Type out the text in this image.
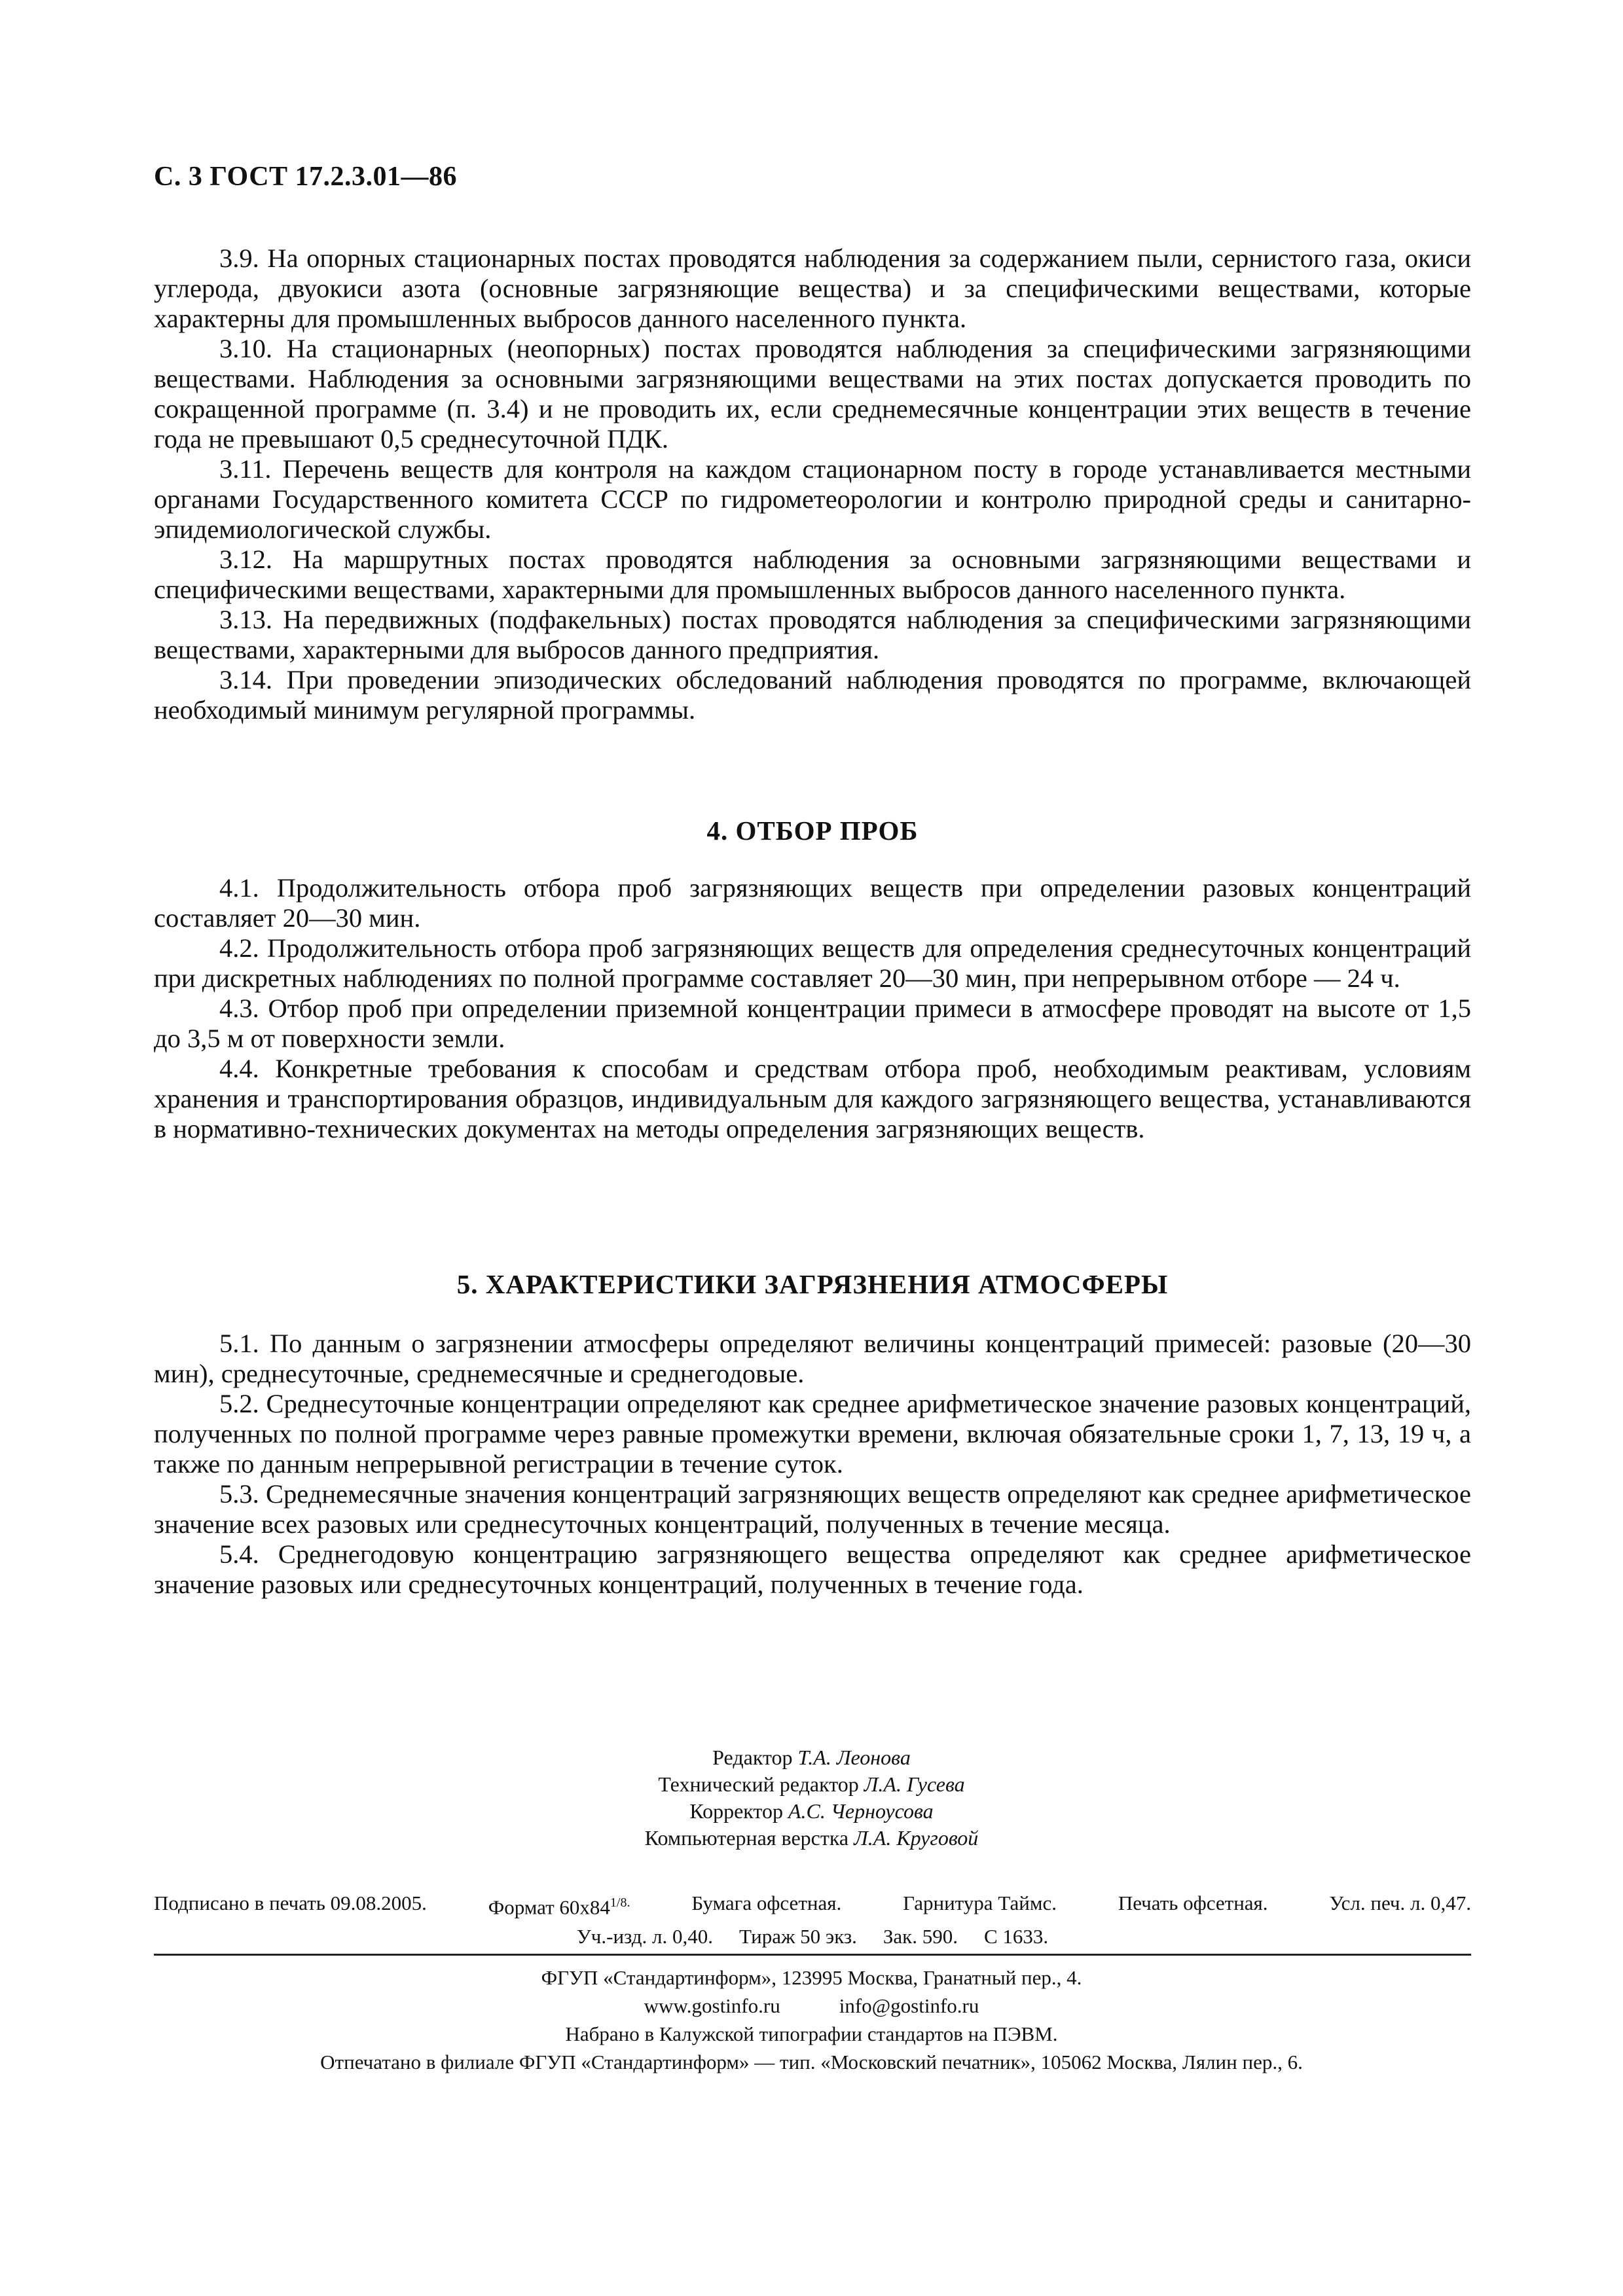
С. 3 ГОСТ 17.2.3.01—86

3.9. На опорных стационарных постах проводятся наблюдения за содержанием пыли, сернистого газа, окиси углерода, двуокиси азота (основные загрязняющие вещества) и за специфическими веществами, которые характерны для промышленных выбросов данного населенного пункта.

3.10. На стационарных (неопорных) постах проводятся наблюдения за специфическими загрязняющими веществами. Наблюдения за основными загрязняющими веществами на этих постах допускается проводить по сокращенной программе (п. 3.4) и не проводить их, если среднемесячные концентрации этих веществ в течение года не превышают 0,5 среднесуточной ПДК.

3.11. Перечень веществ для контроля на каждом стационарном посту в городе устанавливается местными органами Государственного комитета СССР по гидрометеорологии и контролю природной среды и санитарно-эпидемиологической службы.

3.12. На маршрутных постах проводятся наблюдения за основными загрязняющими веществами и специфическими веществами, характерными для промышленных выбросов данного населенного пункта.

3.13. На передвижных (подфакельных) постах проводятся наблюдения за специфическими загрязняющими веществами, характерными для выбросов данного предприятия.

3.14. При проведении эпизодических обследований наблюдения проводятся по программе, включающей необходимый минимум регулярной программы.

4. ОТБОР ПРОБ

4.1. Продолжительность отбора проб загрязняющих веществ при определении разовых концентраций составляет 20—30 мин.

4.2. Продолжительность отбора проб загрязняющих веществ для определения среднесуточных концентраций при дискретных наблюдениях по полной программе составляет 20—30 мин, при непрерывном отборе — 24 ч.

4.3. Отбор проб при определении приземной концентрации примеси в атмосфере проводят на высоте от 1,5 до 3,5 м от поверхности земли.

4.4. Конкретные требования к способам и средствам отбора проб, необходимым реактивам, условиям хранения и транспортирования образцов, индивидуальным для каждого загрязняющего вещества, устанавливаются в нормативно-технических документах на методы определения загрязняющих веществ.

5. ХАРАКТЕРИСТИКИ ЗАГРЯЗНЕНИЯ АТМОСФЕРЫ

5.1. По данным о загрязнении атмосферы определяют величины концентраций примесей: разовые (20—30 мин), среднесуточные, среднемесячные и среднегодовые.

5.2. Среднесуточные концентрации определяют как среднее арифметическое значение разовых концентраций, полученных по полной программе через равные промежутки времени, включая обязательные сроки 1, 7, 13, 19 ч, а также по данным непрерывной регистрации в течение суток.

5.3. Среднемесячные значения концентраций загрязняющих веществ определяют как среднее арифметическое значение всех разовых или среднесуточных концентраций, полученных в течение месяца.

5.4. Среднегодовую концентрацию загрязняющего вещества определяют как среднее арифметическое значение разовых или среднесуточных концентраций, полученных в течение года.

Редактор Т.А. Леонова
Технический редактор Л.А. Гусева
Корректор А.С. Черноусова
Компьютерная верстка Л.А. Круговой
Подписано в печать 09.08.2005.	Формат $60x84^{1/8.}$	Бумага офсетная.	Гарнитура Таймс.	Печать офсетная.	Усл. печ. л. 0,47.
Уч.-изд. л. 0,40. Тираж 50 экз. Зак. 590. С 1633.
ФГУП «Стандартинформ», 123995 Москва, Гранатный пер., 4.
www.gostinfo.ru	info@gostinfo.ru
Набрано в Калужской типографии стандартов на ПЭВМ.
Отпечатано в филиале ФГУП «Стандартинформ» — тип. «Московский печатник», 105062 Москва, Лялин пер., 6.
